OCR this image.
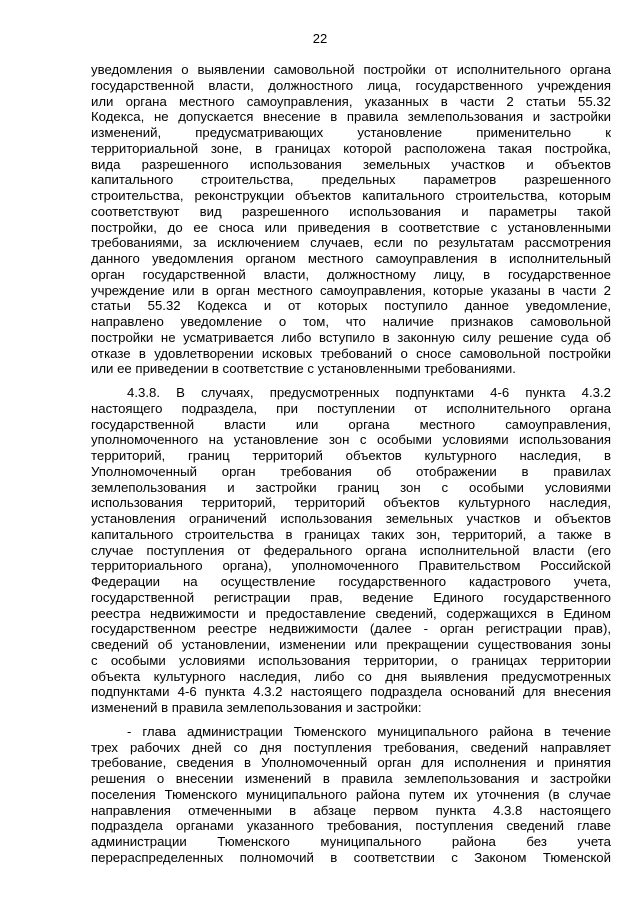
22
уведомления о выявлении самовольной постройки от исполнительного органа
государственной власти, должностного лица, государственного учреждения
или органа местного самоуправления, указанных в части 2 статьи 55.32
Кодекса, не допускается внесение в правила землепользования и застройки
изменений, предусматривающих установление применительно к
территориальной зоне, в границах которой расположена такая постройка,
вида разрешенного использования земельных участков и объектов
капитального строительства, предельных параметров разрешенного
строительства, реконструкции объектов капитального строительства, которым
соответствуют вид разрешенного использования и параметры такой
постройки, до ее сноса или приведения в соответствие с установленными
требованиями, за исключением случаев, если по результатам рассмотрения
данного уведомления органом местного самоуправления в исполнительный
орган государственной власти, должностному лицу, в государственное
учреждение или в орган местного самоуправления, которые указаны в части 2
статьи 55.32 Кодекса и от которых поступило данное уведомление,
направлено уведомление о том, что наличие признаков самовольной
постройки не усматривается либо вступило в законную силу решение суда об
отказе в удовлетворении исковых требований о сносе самовольной постройки
или ее приведении в соответствие с установленными требованиями.
4.3.8. В случаях, предусмотренных подпунктами 4-6 пункта 4.3.2
настоящего подраздела, при поступлении от исполнительного органа
государственной власти или органа местного самоуправления,
уполномоченного на установление зон с особыми условиями использования
территорий, границ территорий объектов культурного наследия, в
Уполномоченный орган требования об отображении в правилах
землепользования и застройки границ зон с особыми условиями
использования территорий, территорий объектов культурного наследия,
установления ограничений использования земельных участков и объектов
капитального строительства в границах таких зон, территорий, а также в
случае поступления от федерального органа исполнительной власти (его
территориального органа), уполномоченного Правительством Российской
Федерации на осуществление государственного кадастрового учета,
государственной регистрации прав, ведение Единого государственного
реестра недвижимости и предоставление сведений, содержащихся в Едином
государственном реестре недвижимости (далее - орган регистрации прав),
сведений об установлении, изменении или прекращении существования зоны
с особыми условиями использования территории, о границах территории
объекта культурного наследия, либо со дня выявления предусмотренных
подпунктами 4-6 пункта 4.3.2 настоящего подраздела оснований для внесения
изменений в правила землепользования и застройки:
- глава администрации Тюменского муниципального района в течение
трех рабочих дней со дня поступления требования, сведений направляет
требование, сведения в Уполномоченный орган для исполнения и принятия
решения о внесении изменений в правила землепользования и застройки
поселения Тюменского муниципального района путем их уточнения (в случае
направления отмеченными в абзаце первом пункта 4.3.8 настоящего
подраздела органами указанного требования, поступления сведений главе
администрации Тюменского муниципального района без учета
перераспределенных полномочий в соответствии с Законом Тюменской
